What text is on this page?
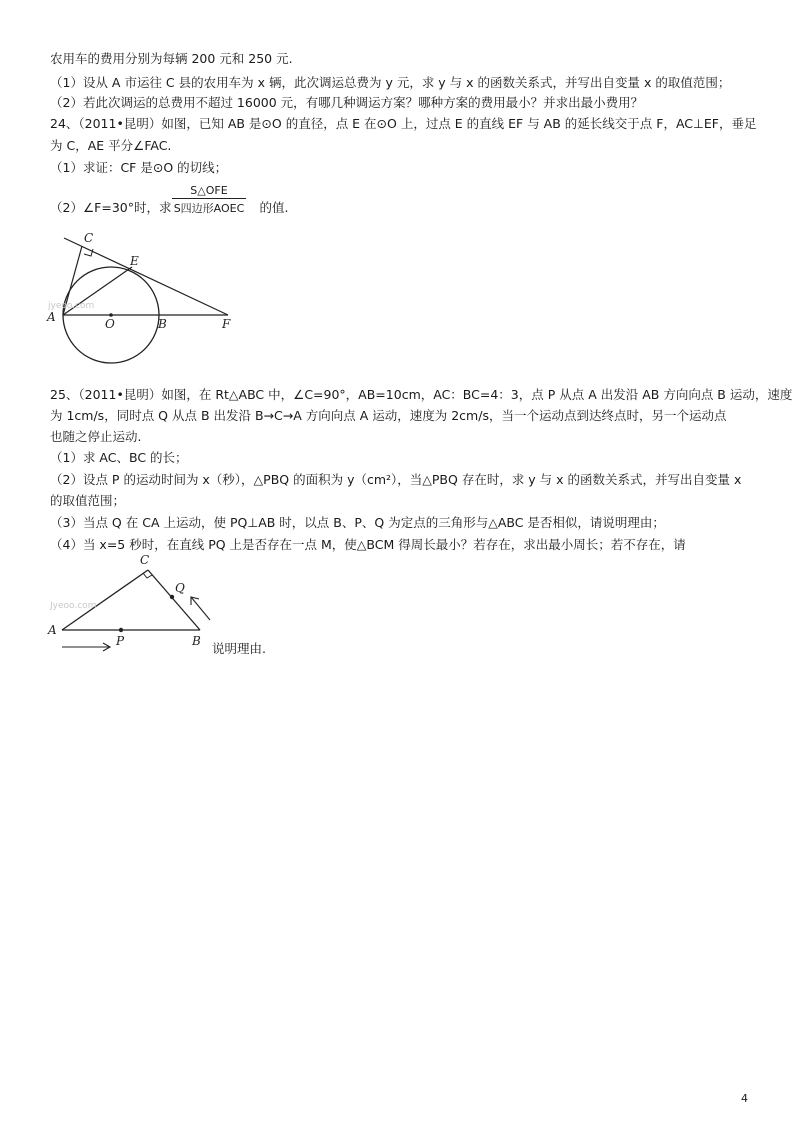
农用车的费用分别为每辆 200 元和 250 元.
（1）设从 A 市运往 C 县的农用车为 x 辆，此次调运总费为 y 元，求 y 与 x 的函数关系式，并写出自变量 x 的取值范围；
（2）若此次调运的总费用不超过 16000 元，有哪几种调运方案？哪种方案的费用最小？并求出最小费用？
24、（2011•昆明）如图，已知 AB 是⊙O 的直径，点 E 在⊙O 上，过点 E 的直线 EF 与 AB 的延长线交于点 F，AC⊥EF，垂足
为 C，AE 平分∠FAC.
（1）求证：CF 是⊙O 的切线；
（2）∠F=30°时，求	的值.
S△OFE
S四边形AOEC
A	O	B	F
C
E
jyeoo.com
25、（2011•昆明）如图，在 Rt△ABC 中，∠C=90°，AB=10cm，AC：BC=4：3，点 P 从点 A 出发沿 AB 方向向点 B 运动，速度
为 1cm/s，同时点 Q 从点 B 出发沿 B→C→A 方向向点 A 运动，速度为 2cm/s，当一个运动点到达终点时，另一个运动点
也随之停止运动.
（1）求 AC、BC 的长；
（2）设点 P 的运动时间为 x（秒），△PBQ 的面积为 y（cm²），当△PBQ 存在时，求 y 与 x 的函数关系式，并写出自变量 x
的取值范围；
（3）当点 Q 在 CA 上运动，使 PQ⊥AB 时，以点 B、P、Q 为定点的三角形与△ABC 是否相似，请说明理由；
（4）当 x=5 秒时，在直线 PQ 上是否存在一点 M，使△BCM 得周长最小？若存在，求出最小周长；若不存在，请
说明理由.
A
B
C
P
Q
Jyeoo.com
4
